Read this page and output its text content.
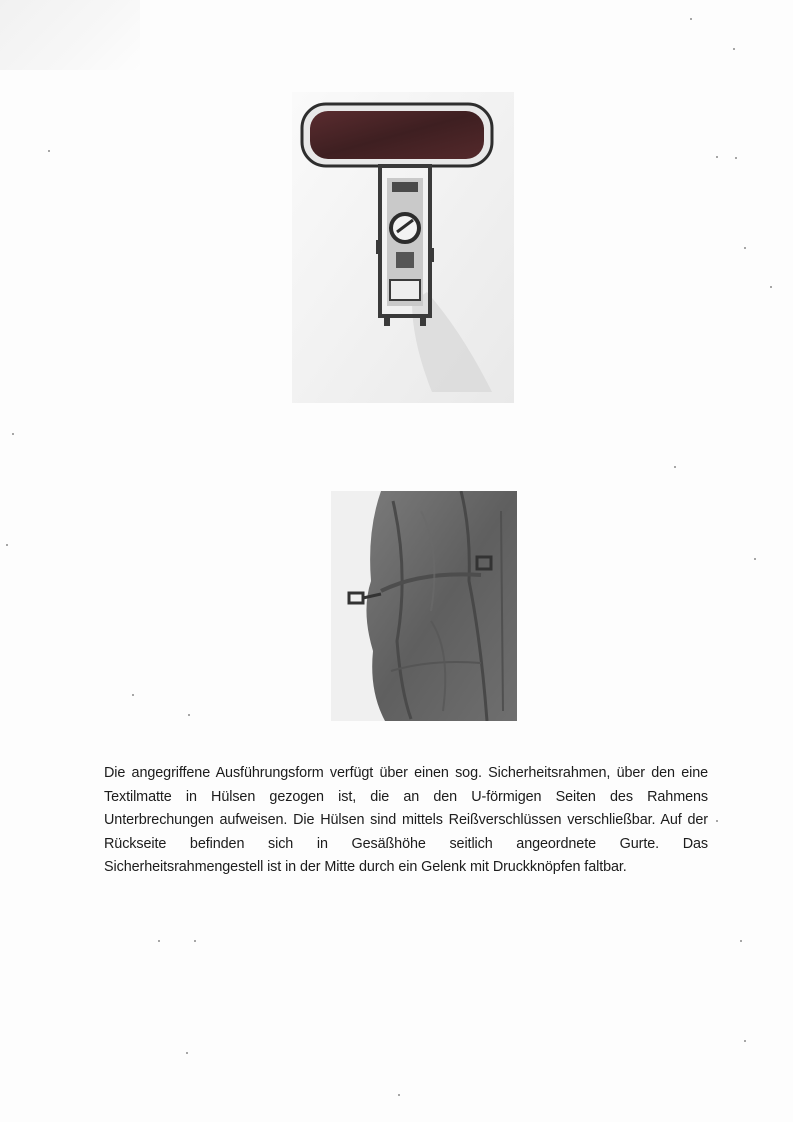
Die angegriffene Ausführungsform verfügt über einen sog. Sicherheitsrahmen, über den eine Textilmatte in Hülsen gezogen ist, die an den U-förmigen Seiten des Rahmens Unterbrechungen aufweisen. Die Hülsen sind mittels Reißverschlüssen verschließbar. Auf der Rückseite befinden sich in Gesäßhöhe seitlich angeordnete Gurte. Das Sicherheitsrahmengestell ist in der Mitte durch ein Gelenk mit Druckknöpfen faltbar.
